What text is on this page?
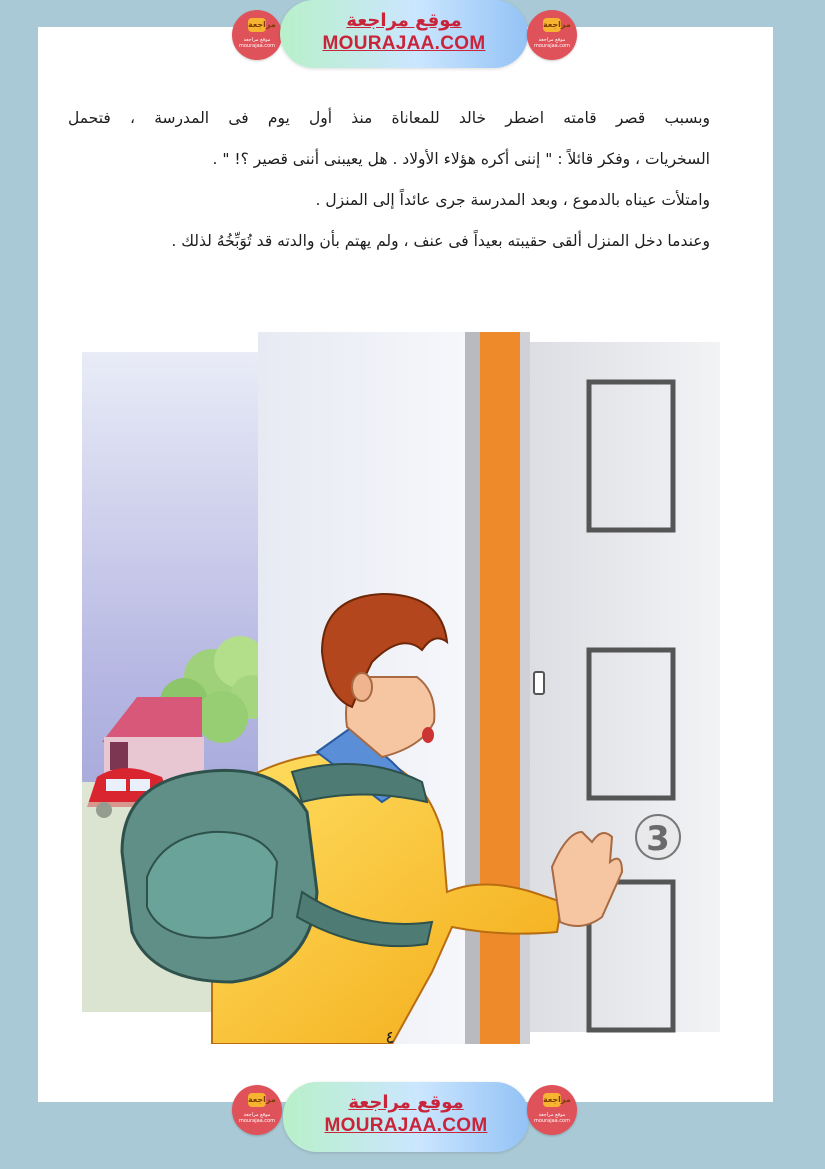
مراجعة
موقع مراجعة
mourajaa.com
موقع مراجعة
MOURAJAA.COM
مراجعة
موقع مراجعة
mourajaa.com

وبسبب قصر قامته اضطر خالد للمعاناة منذ أول يوم فى المدرسة ، فتحمل

السخريات ، وفكر قائلاً : " إننى أكره هؤلاء الأولاد . هل يعيبنى أننى قصير ؟! " .

وامتلأت عيناه بالدموع ، وبعد المدرسة جرى عائداً إلى المنزل .

وعندما دخل المنزل ألقى حقيبته بعيداً فى عنف ، ولم يهتم بأن والدته قد تُوَبِّخُهُ لذلك .

3
٤
مراجعة
موقع مراجعة
mourajaa.com
موقع مراجعة
MOURAJAA.COM
مراجعة
موقع مراجعة
mourajaa.com
